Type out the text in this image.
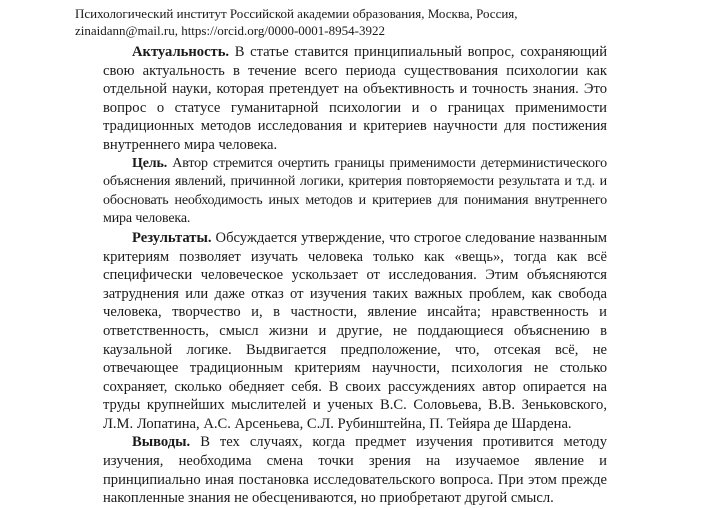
Психологический институт Российской академии образования, Москва, Россия,
zinaidann@mail.ru, https://orcid.org/0000-0001-8954-3922

Актуальность. В статье ставится принципиальный вопрос, сохраняющий свою актуальность в течение всего периода существования психологии как отдельной науки, которая претендует на объективность и точность знания. Это вопрос о статусе гуманитарной психологии и о границах применимости традиционных методов исследования и критериев научности для постижения внутреннего мира человека.

Цель. Автор стремится очертить границы применимости детерминистического объяснения явлений, причинной логики, критерия повторяемости результата и т.д. и обосновать необходимость иных методов и критериев для понимания внутреннего мира человека.

Результаты. Обсуждается утверждение, что строгое следование названным критериям позволяет изучать человека только как «вещь», тогда как всё специфически человеческое ускользает от исследования. Этим объясняются затруднения или даже отказ от изучения таких важных проблем, как свобода человека, творчество и, в частности, явление инсайта; нравственность и ответственность, смысл жизни и другие, не поддающиеся объяснению в каузальной логике. Выдвигается предположение, что, отсекая всё, не отвечающее традиционным критериям научности, психология не столько сохраняет, сколько обедняет себя. В своих рассуждениях автор опирается на труды крупнейших мыслителей и ученых В.С. Соловьева, В.В. Зеньковского, Л.М. Лопатина, А.С. Арсеньева, С.Л. Рубинштейна, П. Тейяра де Шардена.

Выводы. В тех случаях, когда предмет изучения противится методу изучения, необходима смена точки зрения на изучаемое явление и принципиально иная постановка исследовательского вопроса. При этом прежде накопленные знания не обесцениваются, но приобретают другой смысл.
